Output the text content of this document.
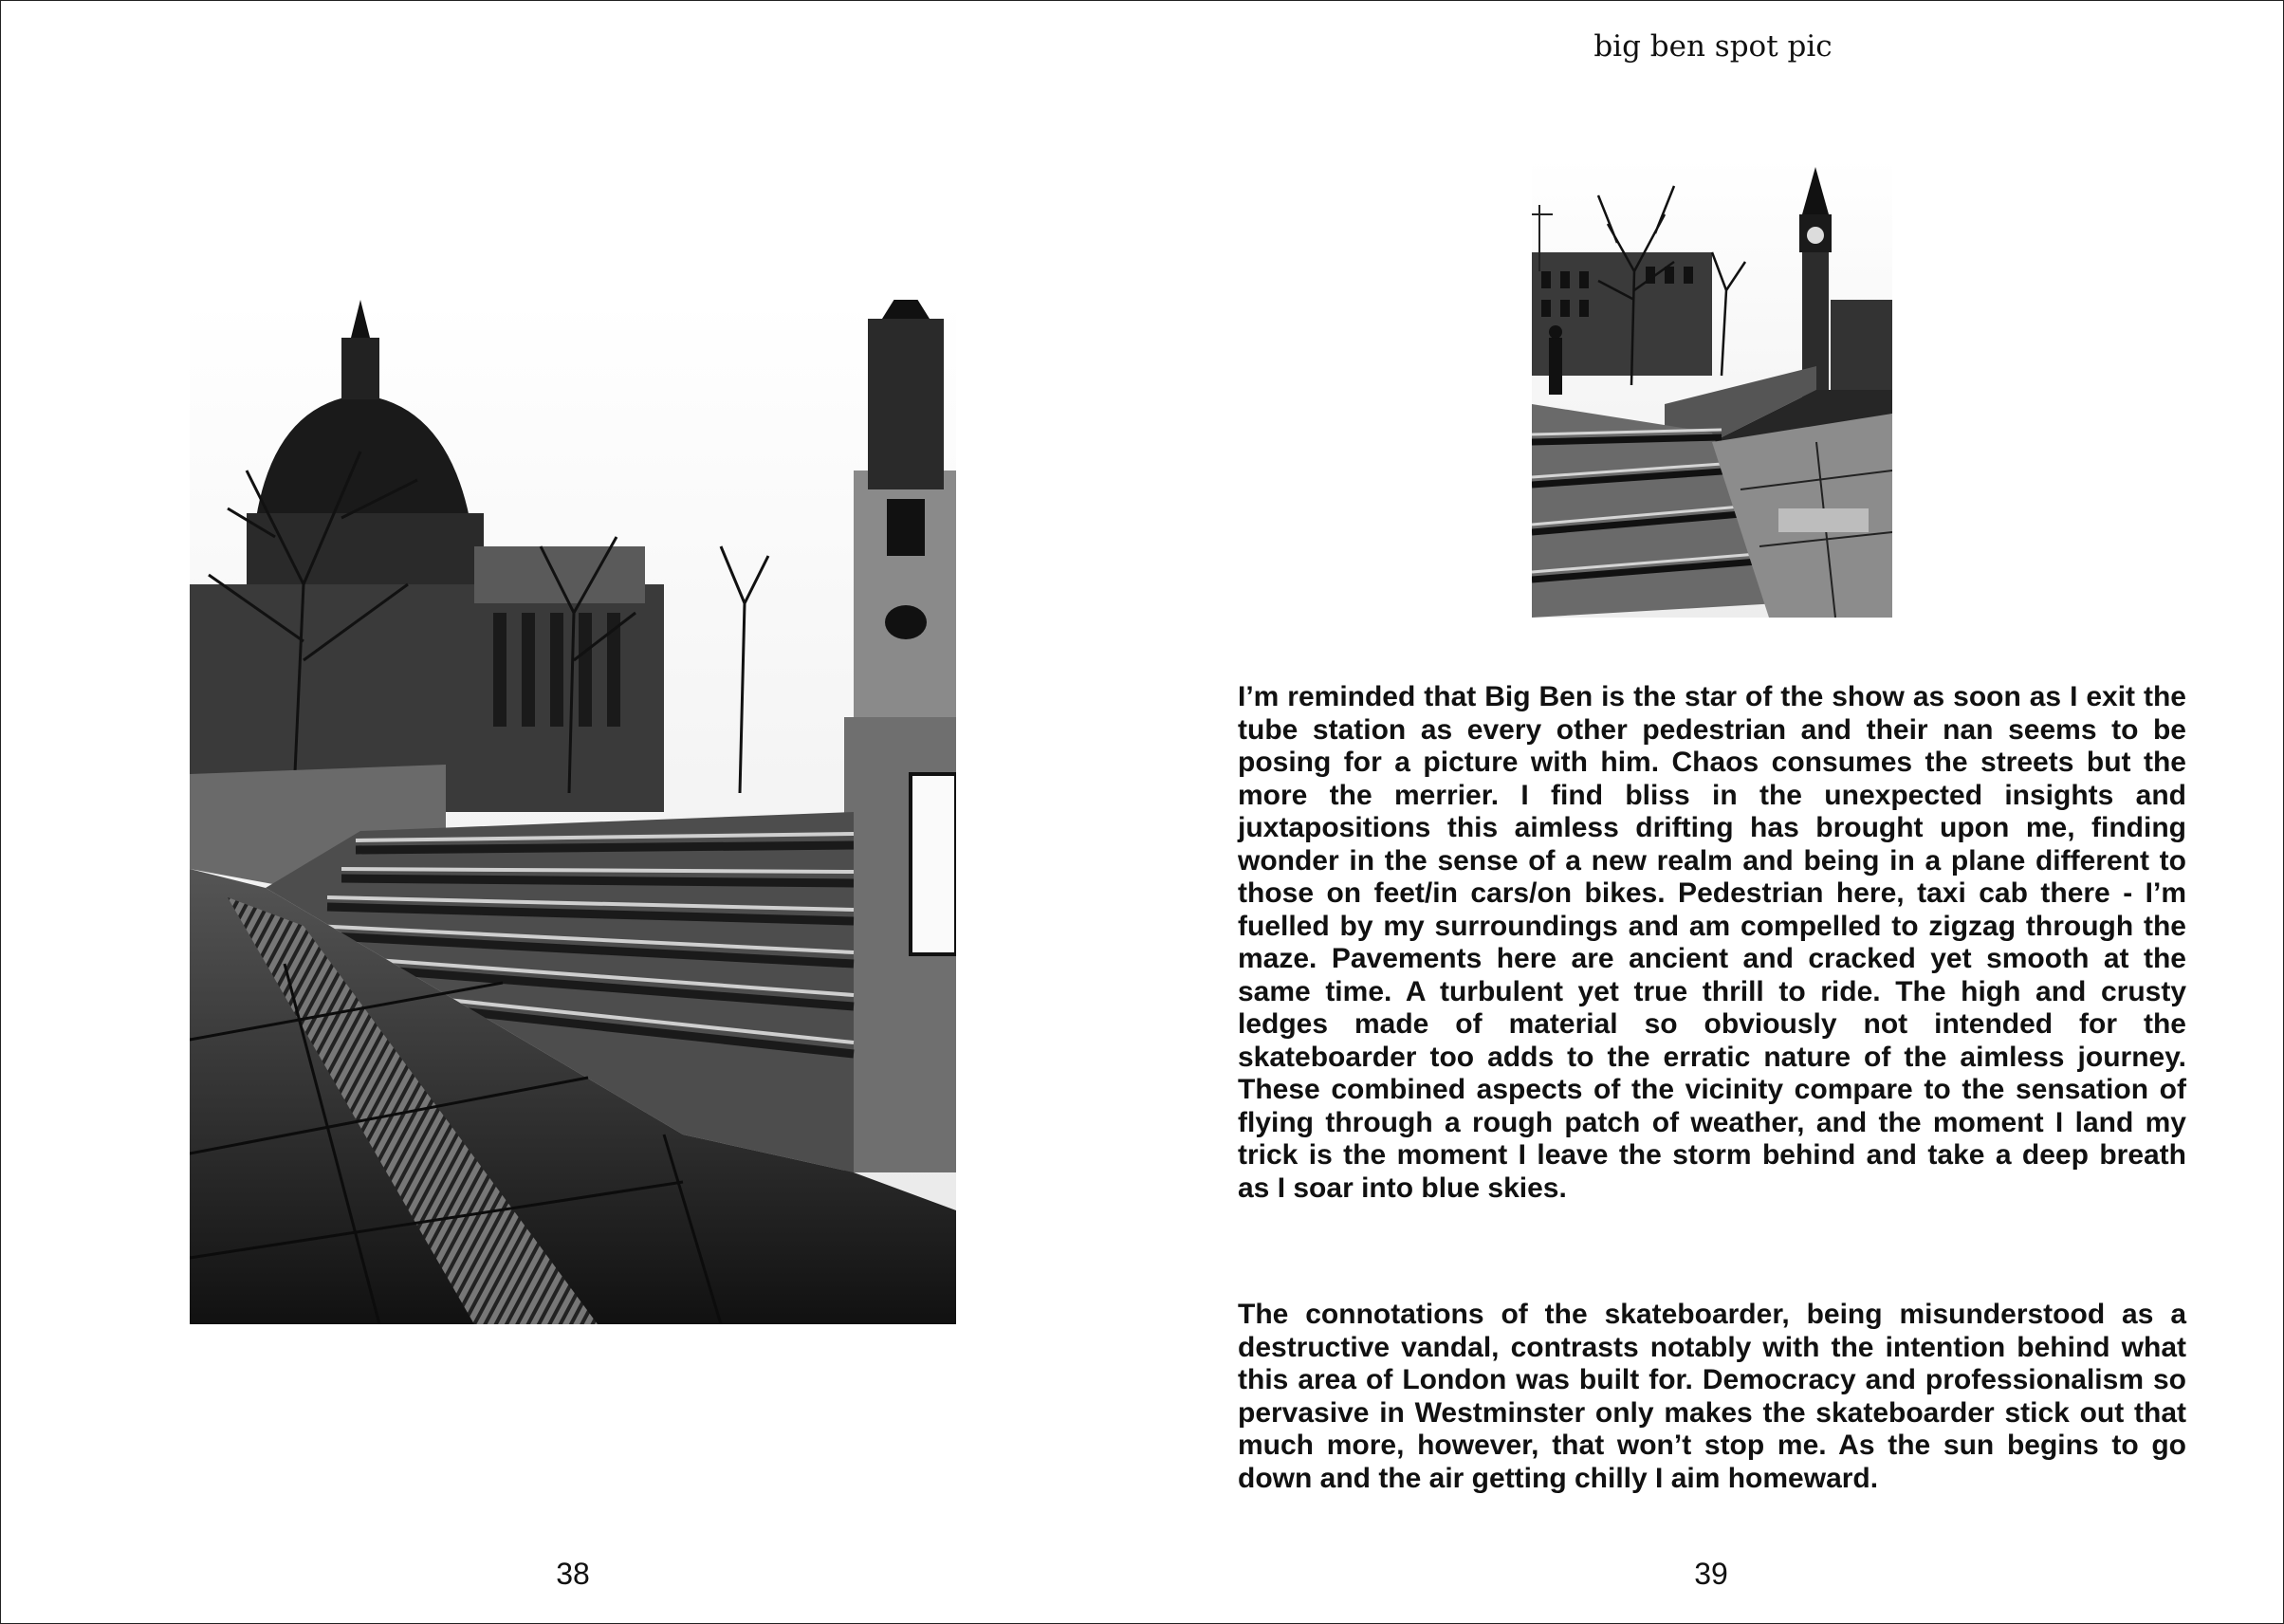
38
big ben spot pic

I’m reminded that Big Ben is the star of the show as soon as I exit the tube station as every other pedestrian and their nan seems to be posing for a picture with him. Chaos consumes the streets but the more the merrier. I find bliss in the unexpected insights and juxtapositions this aimless drifting has brought upon me, finding wonder in the sense of a new realm and being in a plane different to those on feet/in cars/on bikes. Pedestrian here, taxi cab there - I’m fuelled by my surroundings and am compelled to zigzag through the maze. Pavements here are ancient and cracked yet smooth at the same time. A turbulent yet true thrill to ride. The high and crusty ledges made of material so obviously not intended for the skateboarder too adds to the erratic nature of the aimless journey. These combined aspects of the vicinity compare to the sensation of flying through a rough patch of weather, and the moment I land my trick is the moment I leave the storm behind and take a deep breath as I soar into blue skies.

The connotations of the skateboarder, being misunderstood as a destructive vandal, contrasts notably with the intention behind what this area of London was built for. Democracy and professionalism so pervasive in Westminster only makes the skateboarder stick out that much more, however, that won’t stop me. As the sun begins to go down and the air getting chilly I aim homeward.

39
